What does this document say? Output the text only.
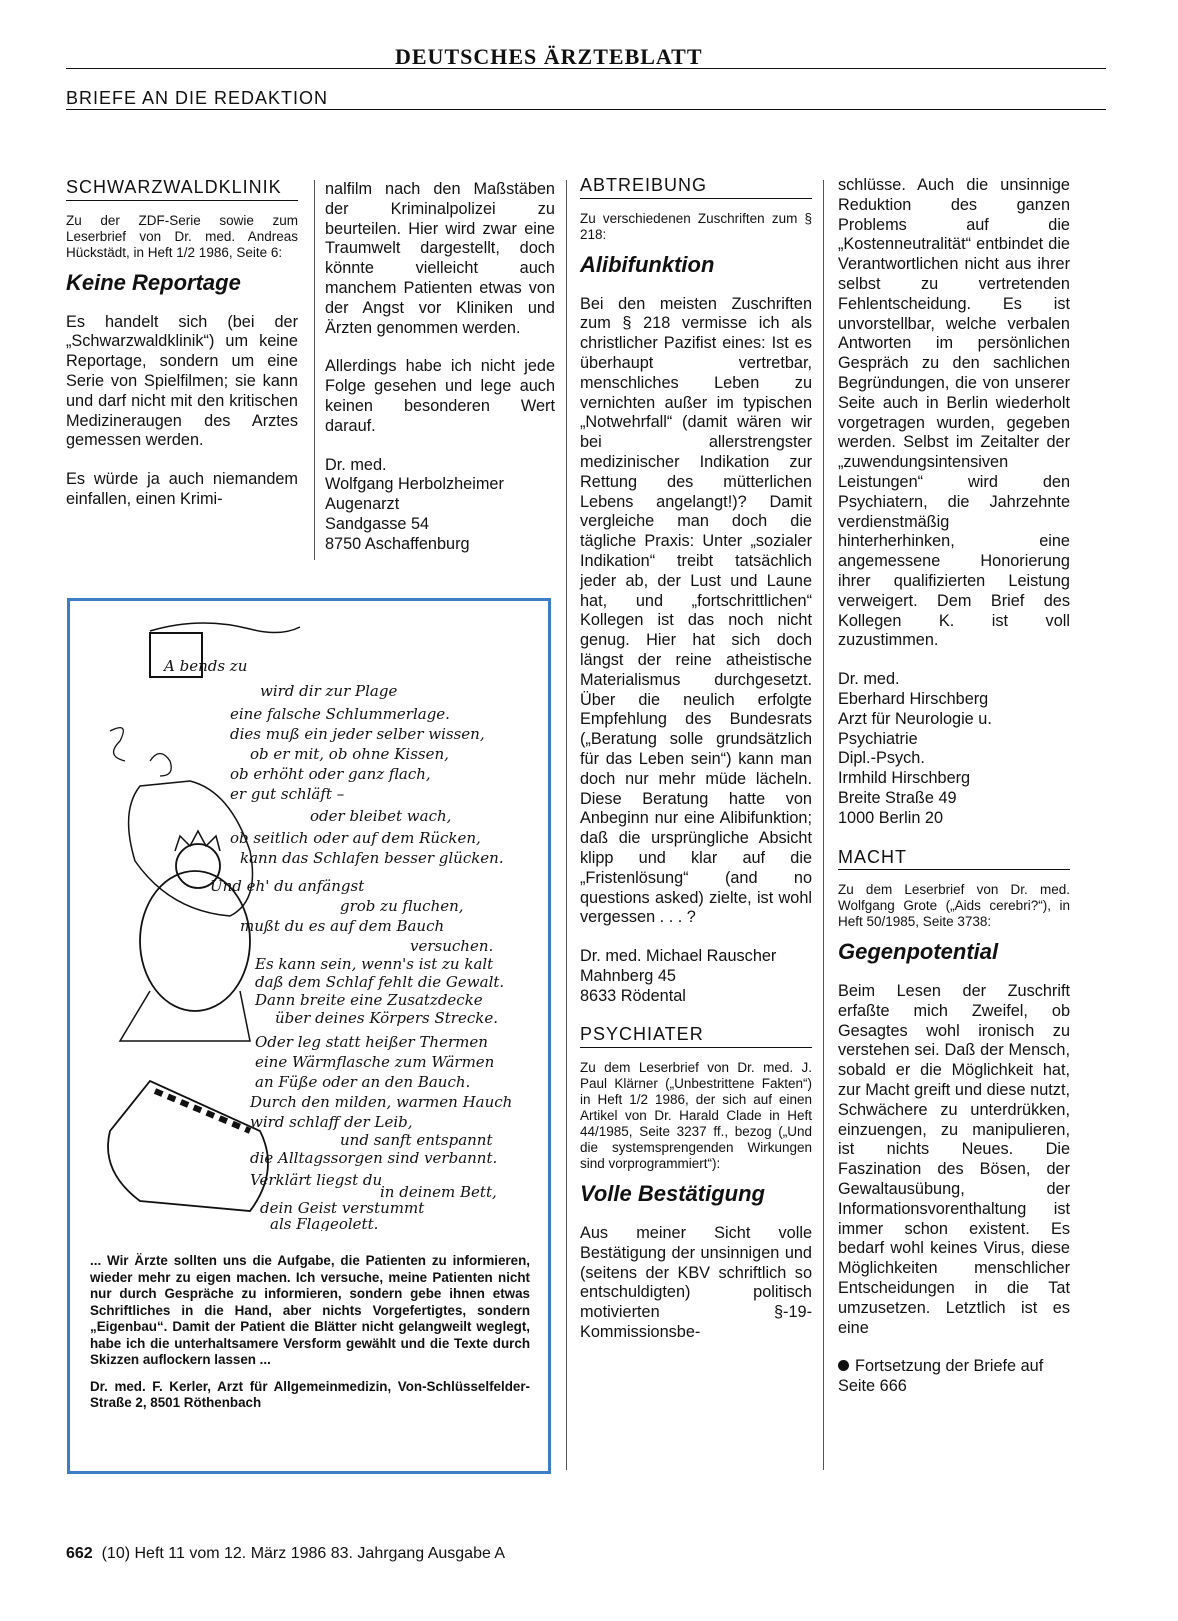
DEUTSCHES ÄRZTEBLATT
BRIEFE AN DIE REDAKTION
SCHWARZWALDKLINIK
Zu der ZDF-Serie sowie zum Leserbrief von Dr. med. Andreas Hückstädt, in Heft 1/2 1986, Seite 6:
Keine Reportage

Es handelt sich (bei der „Schwarzwaldklinik“) um keine Reportage, sondern um eine Serie von Spielfilmen; sie kann und darf nicht mit den kritischen Medizineraugen des Arztes gemessen werden.

Es würde ja auch niemandem einfallen, einen Krimi-

nalfilm nach den Maßstäben der Kriminalpolizei zu beurteilen. Hier wird zwar eine Traumwelt dargestellt, doch könnte vielleicht auch manchem Patienten etwas von der Angst vor Kliniken und Ärzten genommen werden.

Allerdings habe ich nicht jede Folge gesehen und lege auch keinen besonderen Wert darauf.

Dr. med.
Wolfgang Herbolzheimer
Augenarzt
Sandgasse 54
8750 Aschaffenburg

A bends zu
wird dir zur Plage
eine falsche Schlummerlage.
dies muß ein jeder selber wissen,
ob er mit, ob ohne Kissen,
ob erhöht oder ganz flach,
er gut schläft –
oder bleibet wach,
ob seitlich oder auf dem Rücken,
kann das Schlafen besser glücken.
Und eh' du anfängst
grob zu fluchen,
mußt du es auf dem Bauch
versuchen.
Es kann sein, wenn's ist zu kalt
daß dem Schlaf fehlt die Gewalt.
Dann breite eine Zusatzdecke
über deines Körpers Strecke.
Oder leg statt heißer Thermen
eine Wärmflasche zum Wärmen
an Füße oder an den Bauch.
Durch den milden, warmen Hauch
wird schlaff der Leib,
und sanft entspannt
die Alltagssorgen sind verbannt.
Verklärt liegst du
in deinem Bett,
dein Geist verstummt
als Flageolett.

... Wir Ärzte sollten uns die Aufgabe, die Patienten zu informieren, wieder mehr zu eigen machen. Ich versuche, meine Patienten nicht nur durch Gespräche zu informieren, sondern gebe ihnen etwas Schriftliches in die Hand, aber nichts Vorgefertigtes, sondern „Eigenbau“. Damit der Patient die Blätter nicht gelangweilt weglegt, habe ich die unterhaltsamere Versform gewählt und die Texte durch Skizzen auflockern lassen ...

Dr. med. F. Kerler, Arzt für Allgemeinmedizin, Von-Schlüsselfelder-Straße 2, 8501 Röthenbach

ABTREIBUNG
Zu verschiedenen Zuschriften zum § 218:
Alibifunktion

Bei den meisten Zuschriften zum § 218 vermisse ich als christlicher Pazifist eines: Ist es überhaupt vertretbar, menschliches Leben zu vernichten außer im typischen „Notwehrfall“ (damit wären wir bei allerstrengster medizinischer Indikation zur Rettung des mütterlichen Lebens angelangt!)? Damit vergleiche man doch die tägliche Praxis: Unter „sozialer Indikation“ treibt tatsächlich jeder ab, der Lust und Laune hat, und „fortschrittlichen“ Kollegen ist das noch nicht genug. Hier hat sich doch längst der reine atheistische Materialismus durchgesetzt. Über die neulich erfolgte Empfehlung des Bundesrats („Beratung solle grundsätzlich für das Leben sein“) kann man doch nur mehr müde lächeln. Diese Beratung hatte von Anbeginn nur eine Alibifunktion; daß die ursprüngliche Absicht klipp und klar auf die „Fristenlösung“ (and no questions asked) zielte, ist wohl vergessen . . . ?

Dr. med. Michael Rauscher
Mahnberg 45
8633 Rödental

PSYCHIATER
Zu dem Leserbrief von Dr. med. J. Paul Klärner („Unbestrittene Fakten“) in Heft 1/2 1986, der sich auf einen Artikel von Dr. Harald Clade in Heft 44/1985, Seite 3237 ff., bezog („Und die systemsprengenden Wirkungen sind vorprogrammiert“):
Volle Bestätigung

Aus meiner Sicht volle Bestätigung der unsinnigen und (seitens der KBV schriftlich so entschuldigten) politisch motivierten §-19-Kommissionsbe-

schlüsse. Auch die unsinnige Reduktion des ganzen Problems auf die „Kostenneutralität“ entbindet die Verantwortlichen nicht aus ihrer selbst zu vertretenden Fehlentscheidung. Es ist unvorstellbar, welche verbalen Antworten im persönlichen Gespräch zu den sachlichen Begründungen, die von unserer Seite auch in Berlin wiederholt vorgetragen wurden, gegeben werden. Selbst im Zeitalter der „zuwendungsintensiven Leistungen“ wird den Psychiatern, die Jahrzehnte verdienstmäßig hinterherhinken, eine angemessene Honorierung ihrer qualifizierten Leistung verweigert. Dem Brief des Kollegen K. ist voll zuzustimmen.

Dr. med.
Eberhard Hirschberg
Arzt für Neurologie u.
Psychiatrie
Dipl.-Psych.
Irmhild Hirschberg
Breite Straße 49
1000 Berlin 20

MACHT
Zu dem Leserbrief von Dr. med. Wolfgang Grote („Aids cerebri?“), in Heft 50/1985, Seite 3738:
Gegenpotential

Beim Lesen der Zuschrift erfaßte mich Zweifel, ob Gesagtes wohl ironisch zu verstehen sei. Daß der Mensch, sobald er die Möglichkeit hat, zur Macht greift und diese nutzt, Schwächere zu unterdrükken, einzuengen, zu manipulieren, ist nichts Neues. Die Faszination des Bösen, der Gewaltausübung, der Informationsvorenthaltung ist immer schon existent. Es bedarf wohl keines Virus, diese Möglichkeiten menschlicher Entscheidungen in die Tat umzusetzen. Letztlich ist es eine

Fortsetzung der Briefe auf Seite 666

662 (10) Heft 11 vom 12. März 1986 83. Jahrgang Ausgabe A
